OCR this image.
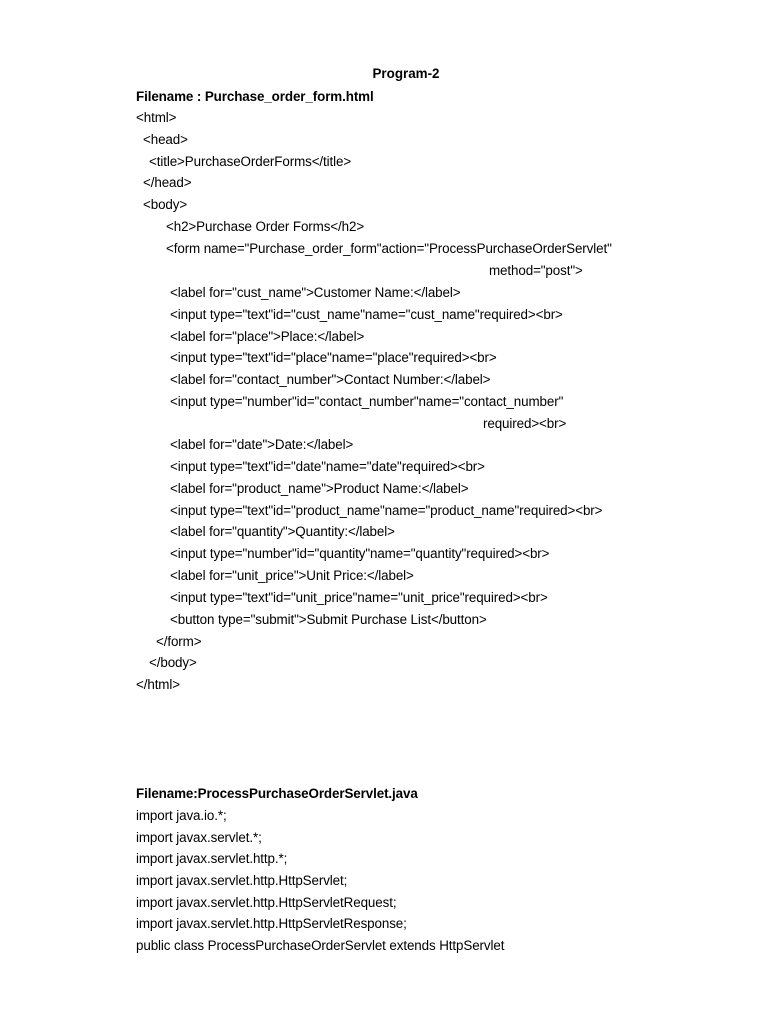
Program-2
Filename : Purchase_order_form.html
<html>
<head>
<title>PurchaseOrderForms</title>
</head>
<body>
<h2>Purchase Order Forms</h2>
<form name="Purchase_order_form"action="ProcessPurchaseOrderServlet"
method="post">
<label for="cust_name">Customer Name:</label>
<input type="text"id="cust_name"name="cust_name"required><br>
<label for="place">Place:</label>
<input type="text"id="place"name="place"required><br>
<label for="contact_number">Contact Number:</label>
<input type="number"id="contact_number"name="contact_number"
required><br>
<label for="date">Date:</label>
<input type="text"id="date"name="date"required><br>
<label for="product_name">Product Name:</label>
<input type="text"id="product_name"name="product_name"required><br>
<label for="quantity">Quantity:</label>
<input type="number"id="quantity"name="quantity"required><br>
<label for="unit_price">Unit Price:</label>
<input type="text"id="unit_price"name="unit_price"required><br>
<button type="submit">Submit Purchase List</button>
</form>
</body>
</html>
Filename:ProcessPurchaseOrderServlet.java
import java.io.*;
import javax.servlet.*;
import javax.servlet.http.*;
import javax.servlet.http.HttpServlet;
import javax.servlet.http.HttpServletRequest;
import javax.servlet.http.HttpServletResponse;
public class ProcessPurchaseOrderServlet extends HttpServlet
